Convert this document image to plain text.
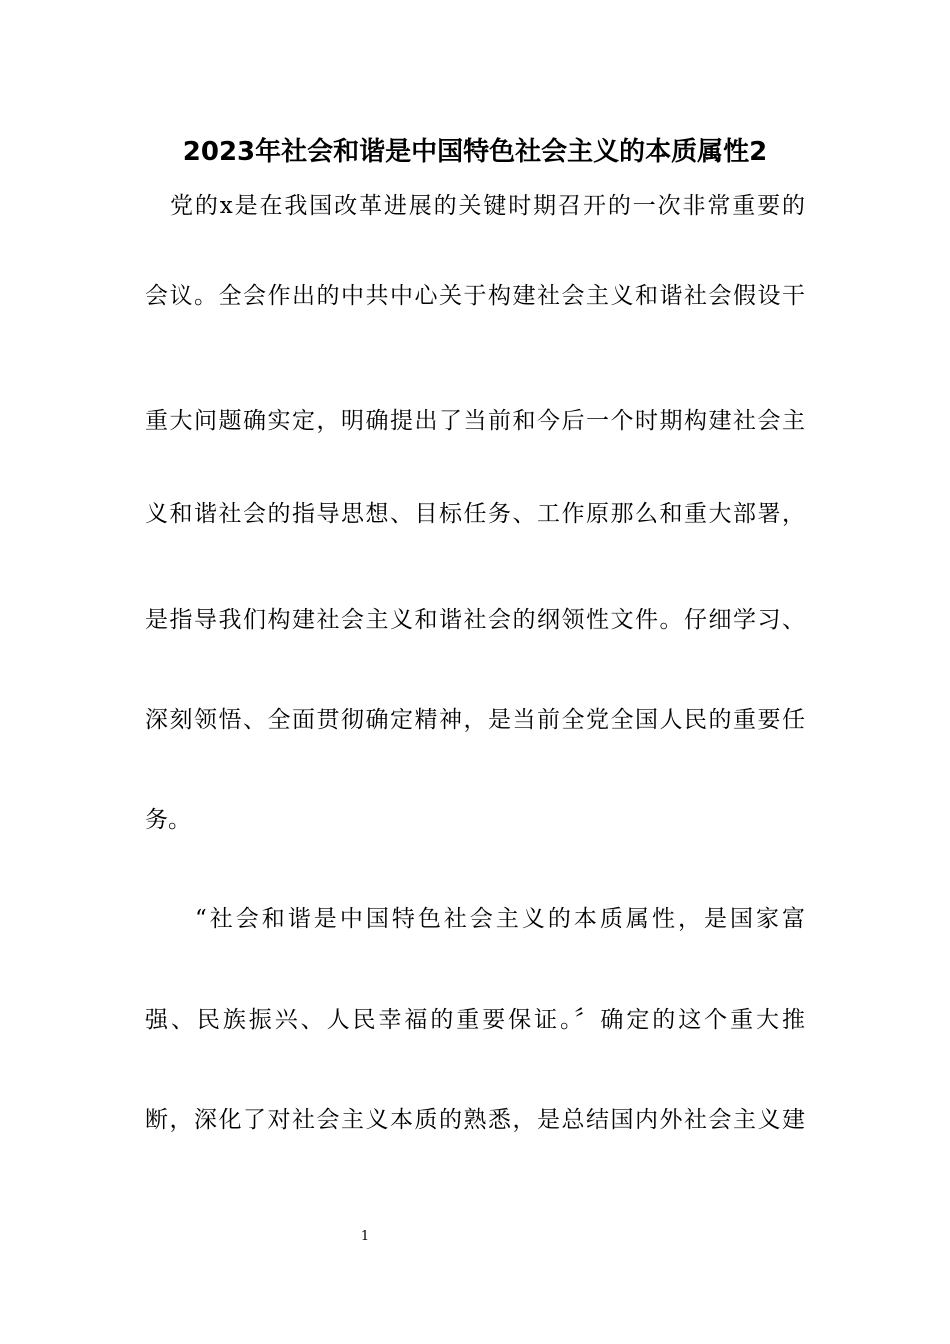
2023年社会和谐是中国特色社会主义的本质属性2
党的x是在我国改革进展的关键时期召开的一次非常重要的
会议。全会作出的中共中心关于构建社会主义和谐社会假设干
重大问题确实定，明确提出了当前和今后一个时期构建社会主
义和谐社会的指导思想、目标任务、工作原那么和重大部署，
是指导我们构建社会主义和谐社会的纲领性文件。仔细学习、
深刻领悟、全面贯彻确定精神，是当前全党全国人民的重要任
务。
“社会和谐是中国特色社会主义的本质属性，是国家富
强、民族振兴、人民幸福的重要保证。〞确定的这个重大推
断，深化了对社会主义本质的熟悉，是总结国内外社会主义建
1
